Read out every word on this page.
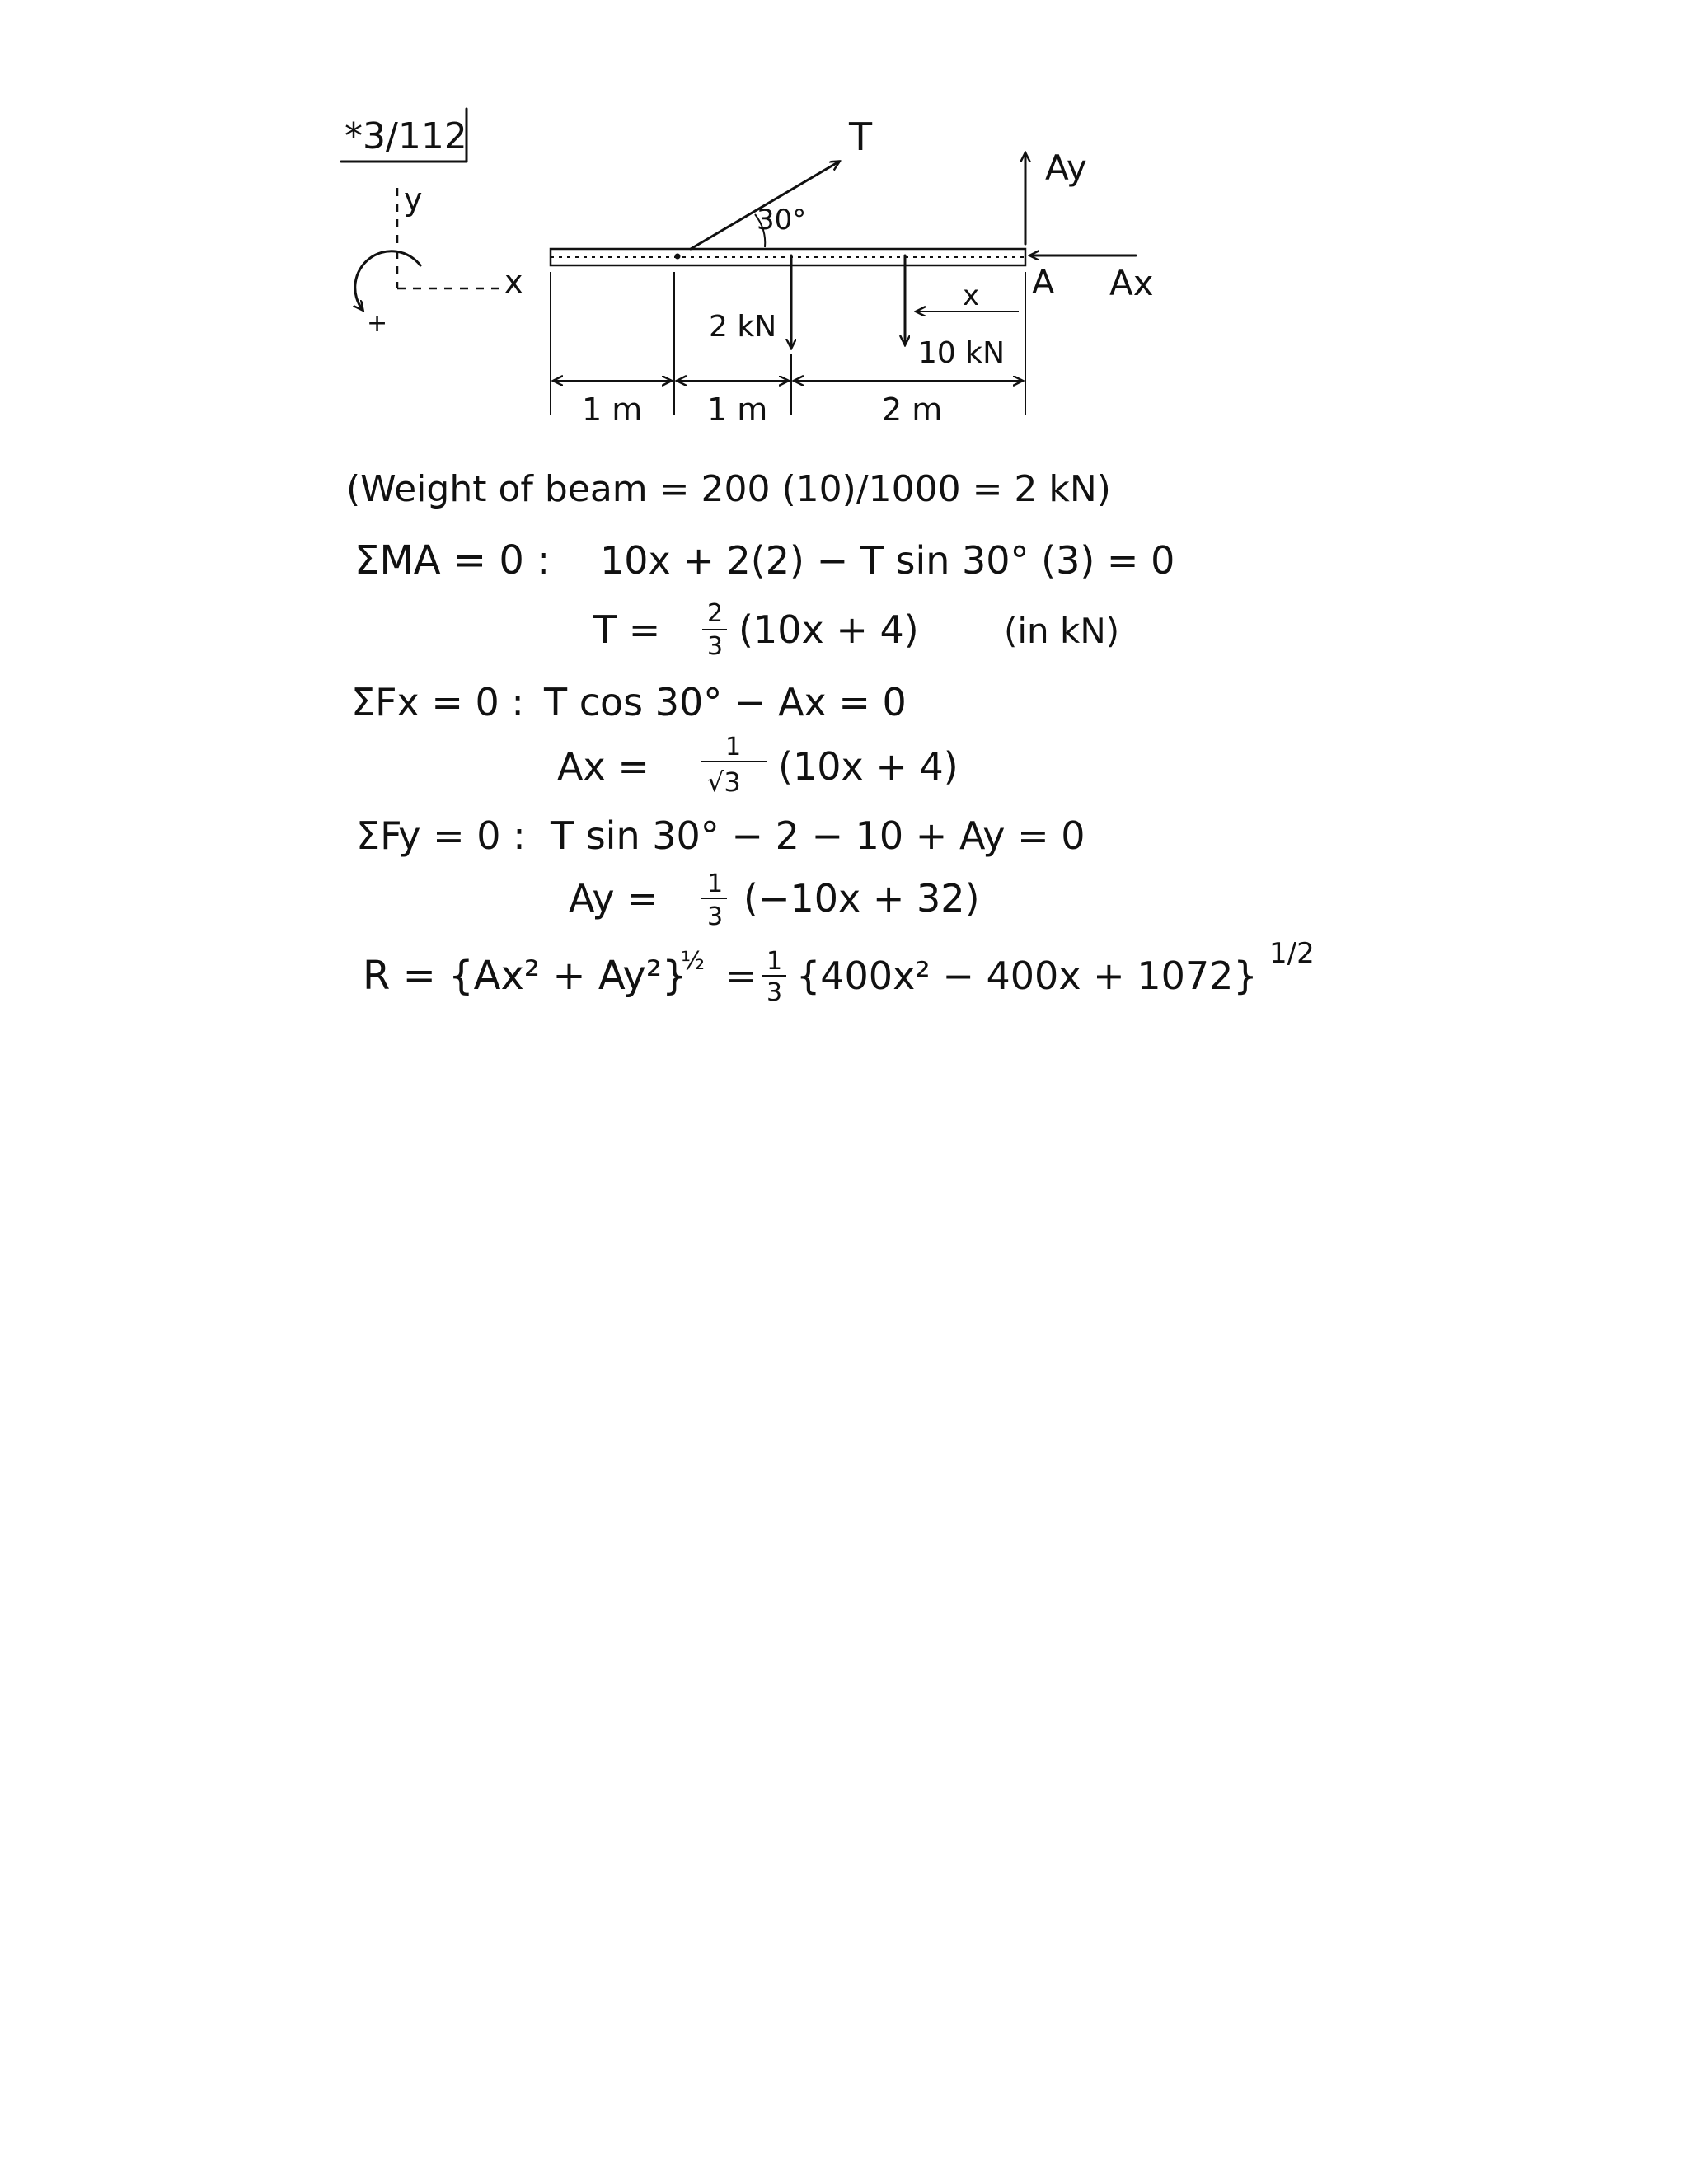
*3/112
y
x
+
T
30°
Ay
A Ax
2 kN
10 kN
x
1 m 1 m	2 m
(Weight of beam = 200 (10)/1000 = 2 kN)
ΣMA = 0 : 10x + 2(2) − T sin 30° (3) = 0
T = 2
3 (10x + 4) (in kN)
ΣFx = 0 : T cos 30° − Ax = 0
Ax =	1
√3 (10x + 4)
ΣFy = 0 : T sin 30° − 2 − 10 + Ay = 0
Ay = 1
3 (−10x + 32)
R = {Ax² + Ay²}
½ = 1
3 {400x² − 400x + 1072} 1/2
